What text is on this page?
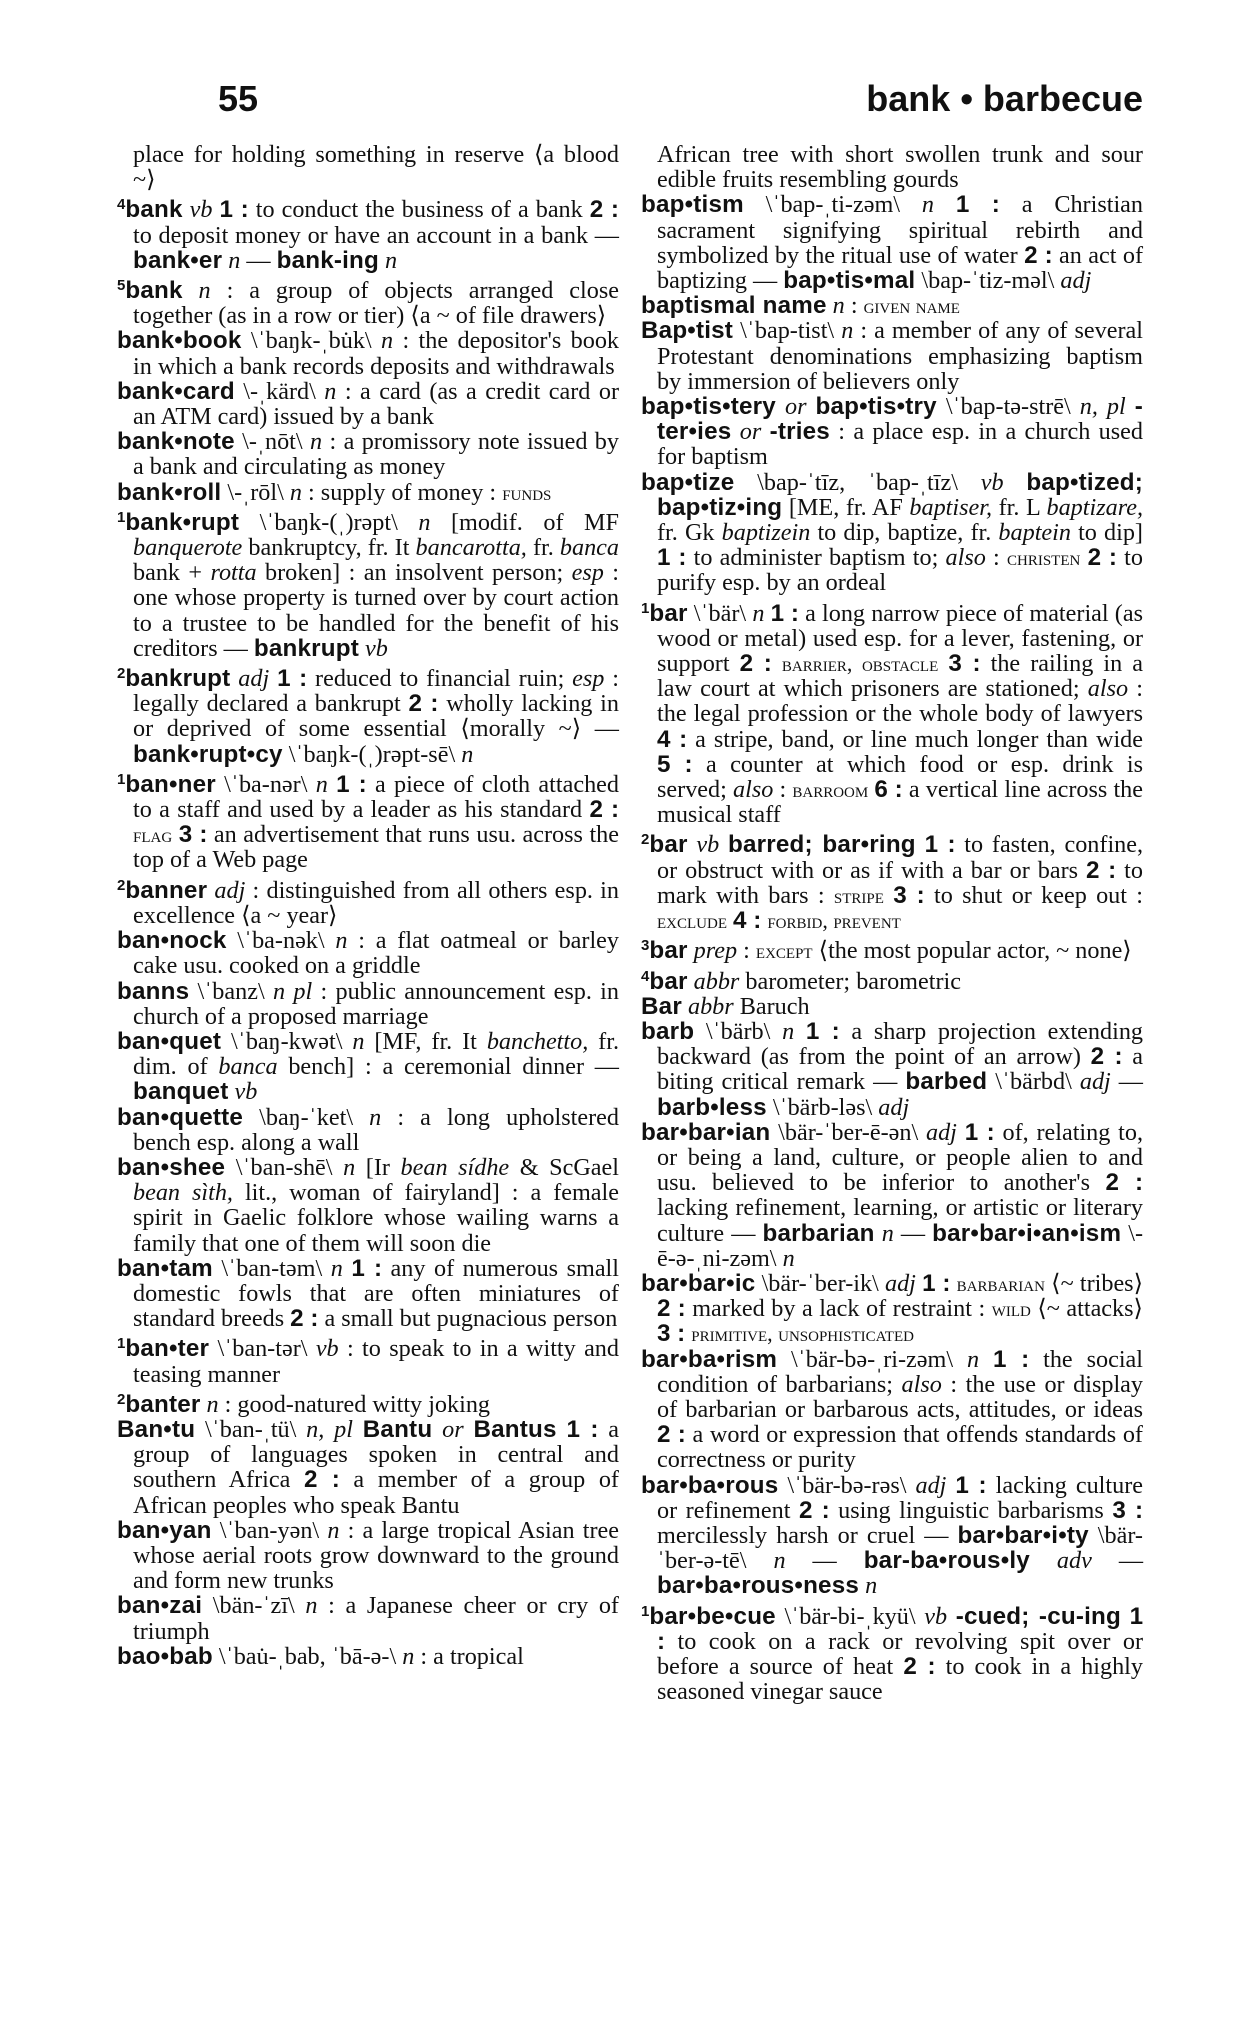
55	bank • barbecue

place for holding something in reserve ⟨a blood ~⟩

$^4$bank vb 1 : to conduct the business of a bank 2 : to deposit money or have an account in a bank — bank•er n — bank-ing n

$^5$bank n : a group of objects arranged close together (as in a row or tier) ⟨a ~ of file drawers⟩

bank•book \ˈbaŋk-ˌbu̇k\ n : the depositor's book in which a bank records deposits and withdrawals

bank•card \-ˌkärd\ n : a card (as a credit card or an ATM card) issued by a bank

bank•note \-ˌnōt\ n : a promissory note issued by a bank and circulating as money

bank•roll \-ˌrōl\ n : supply of money : funds

$^1$bank•rupt \ˈbaŋk-(ˌ)rəpt\ n [modif. of MF banquerote bankruptcy, fr. It bancarotta, fr. banca bank + rotta broken] : an insolvent person; esp : one whose property is turned over by court action to a trustee to be handled for the benefit of his creditors — bankrupt vb

$^2$bankrupt adj 1 : reduced to financial ruin; esp : legally declared a bankrupt 2 : wholly lacking in or deprived of some essential ⟨morally ~⟩ — bank•rupt•cy \ˈbaŋk-(ˌ)rəpt-sē\ n

$^1$ban•ner \ˈba-nər\ n 1 : a piece of cloth attached to a staff and used by a leader as his standard 2 : flag 3 : an advertisement that runs usu. across the top of a Web page

$^2$banner adj : distinguished from all others esp. in excellence ⟨a ~ year⟩

ban•nock \ˈba-nək\ n : a flat oatmeal or barley cake usu. cooked on a griddle

banns \ˈbanz\ n pl : public announcement esp. in church of a proposed marriage

ban•quet \ˈbaŋ-kwət\ n [MF, fr. It banchetto, fr. dim. of banca bench] : a ceremonial dinner — banquet vb

ban•quette \baŋ-ˈket\ n : a long upholstered bench esp. along a wall

ban•shee \ˈban-shē\ n [Ir bean sídhe & ScGael bean sìth, lit., woman of fairyland] : a female spirit in Gaelic folklore whose wailing warns a family that one of them will soon die

ban•tam \ˈban-təm\ n 1 : any of numerous small domestic fowls that are often miniatures of standard breeds 2 : a small but pugnacious person

$^1$ban•ter \ˈban-tər\ vb : to speak to in a witty and teasing manner

$^2$banter n : good-natured witty joking

Ban•tu \ˈban-ˌtü\ n, pl Bantu or Bantus 1 : a group of languages spoken in central and southern Africa 2 : a member of a group of African peoples who speak Bantu

ban•yan \ˈban-yən\ n : a large tropical Asian tree whose aerial roots grow downward to the ground and form new trunks

ban•zai \bän-ˈzī\ n : a Japanese cheer or cry of triumph

bao•bab \ˈbau̇-ˌbab, ˈbā-ə-\ n : a tropical

African tree with short swollen trunk and sour edible fruits resembling gourds

bap•tism \ˈbap-ˌti-zəm\ n 1 : a Christian sacrament signifying spiritual rebirth and symbolized by the ritual use of water 2 : an act of baptizing — bap•tis•mal \bap-ˈtiz-məl\ adj

baptismal name n : given name

Bap•tist \ˈbap-tist\ n : a member of any of several Protestant denominations emphasizing baptism by immersion of believers only

bap•tis•tery or bap•tis•try \ˈbap-tə-strē\ n, pl -ter•ies or -tries : a place esp. in a church used for baptism

bap•tize \bap-ˈtīz, ˈbap-ˌtīz\ vb bap•tized; bap•tiz•ing [ME, fr. AF baptiser, fr. L baptizare, fr. Gk baptizein to dip, baptize, fr. baptein to dip] 1 : to administer baptism to; also : christen 2 : to purify esp. by an ordeal

$^1$bar \ˈbär\ n 1 : a long narrow piece of material (as wood or metal) used esp. for a lever, fastening, or support 2 : barrier, obstacle 3 : the railing in a law court at which prisoners are stationed; also : the legal profession or the whole body of lawyers 4 : a stripe, band, or line much longer than wide 5 : a counter at which food or esp. drink is served; also : barroom 6 : a vertical line across the musical staff

$^2$bar vb barred; bar•ring 1 : to fasten, confine, or obstruct with or as if with a bar or bars 2 : to mark with bars : stripe 3 : to shut or keep out : exclude 4 : forbid, prevent

$^3$bar prep : except ⟨the most popular actor, ~ none⟩

$^4$bar abbr barometer; barometric

Bar abbr Baruch

barb \ˈbärb\ n 1 : a sharp projection extending backward (as from the point of an arrow) 2 : a biting critical remark — barbed \ˈbärbd\ adj — barb•less \ˈbärb-ləs\ adj

bar•bar•ian \bär-ˈber-ē-ən\ adj 1 : of, relating to, or being a land, culture, or people alien to and usu. believed to be inferior to another's 2 : lacking refinement, learning, or artistic or literary culture — barbarian n — bar•bar•i•an•ism \-ē-ə-ˌni-zəm\ n

bar•bar•ic \bär-ˈber-ik\ adj 1 : barbarian ⟨~ tribes⟩ 2 : marked by a lack of restraint : wild ⟨~ attacks⟩ 3 : primitive, unsophisticated

bar•ba•rism \ˈbär-bə-ˌri-zəm\ n 1 : the social condition of barbarians; also : the use or display of barbarian or barbarous acts, attitudes, or ideas 2 : a word or expression that offends standards of correctness or purity

bar•ba•rous \ˈbär-bə-rəs\ adj 1 : lacking culture or refinement 2 : using linguistic barbarisms 3 : mercilessly harsh or cruel — bar•bar•i•ty \bär-ˈber-ə-tē\ n — bar-ba•rous•ly adv — bar•ba•rous•ness n

$^1$bar•be•cue \ˈbär-bi-ˌkyü\ vb -cued; -cu-ing 1 : to cook on a rack or revolving spit over or before a source of heat 2 : to cook in a highly seasoned vinegar sauce
